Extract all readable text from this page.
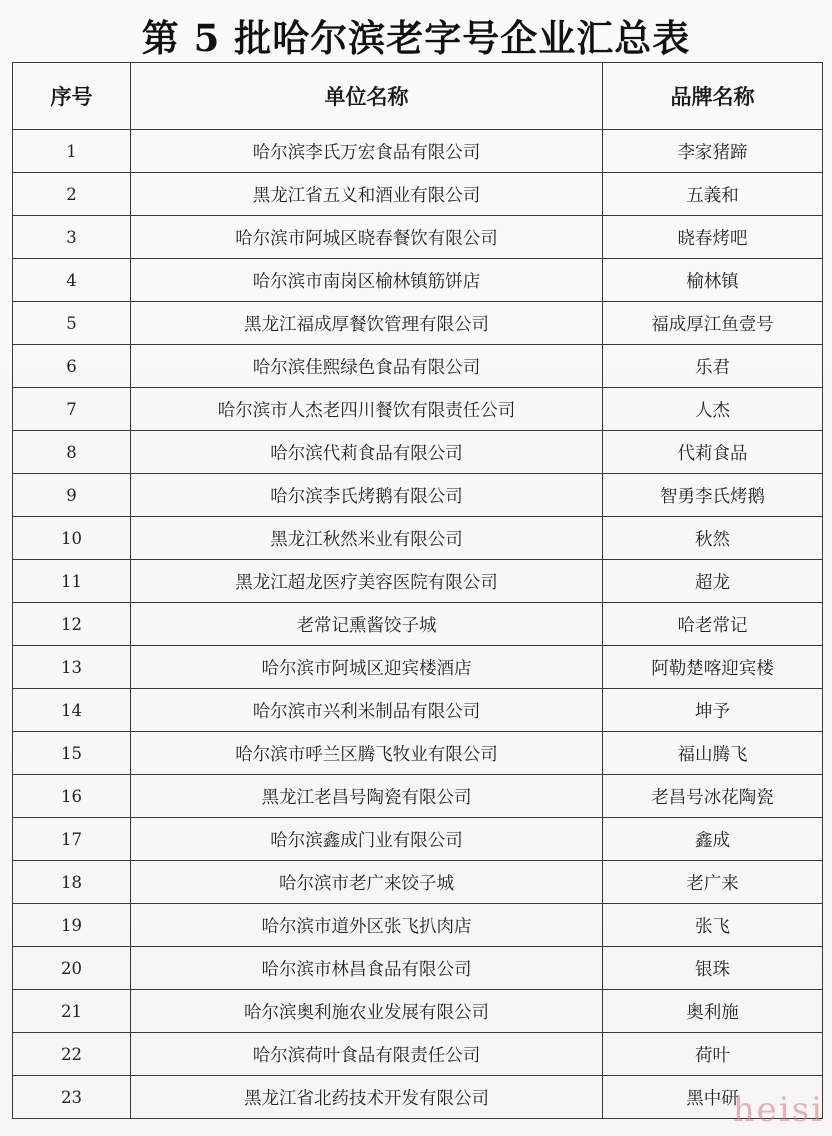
第 5 批哈尔滨老字号企业汇总表
序号	单位名称	品牌名称
1	哈尔滨李氏万宏食品有限公司	李家猪蹄
2	黑龙江省五义和酒业有限公司	五義和
3	哈尔滨市阿城区晓春餐饮有限公司	晓春烤吧
4	哈尔滨市南岗区榆林镇筋饼店	榆林镇
5	黑龙江福成厚餐饮管理有限公司	福成厚江鱼壹号
6	哈尔滨佳熙绿色食品有限公司	乐君
7	哈尔滨市人杰老四川餐饮有限责任公司	人杰
8	哈尔滨代莉食品有限公司	代莉食品
9	哈尔滨李氏烤鹅有限公司	智勇李氏烤鹅
10	黑龙江秋然米业有限公司	秋然
11	黑龙江超龙医疗美容医院有限公司	超龙
12	老常记熏酱饺子城	哈老常记
13	哈尔滨市阿城区迎宾楼酒店	阿勒楚喀迎宾楼
14	哈尔滨市兴利米制品有限公司	坤予
15	哈尔滨市呼兰区腾飞牧业有限公司	福山腾飞
16	黑龙江老昌号陶瓷有限公司	老昌号冰花陶瓷
17	哈尔滨鑫成门业有限公司	鑫成
18	哈尔滨市老广来饺子城	老广来
19	哈尔滨市道外区张飞扒肉店	张飞
20	哈尔滨市林昌食品有限公司	银珠
21	哈尔滨奥利施农业发展有限公司	奥利施
22	哈尔滨荷叶食品有限责任公司	荷叶
23	黑龙江省北药技术开发有限公司	黑中研
heisi
